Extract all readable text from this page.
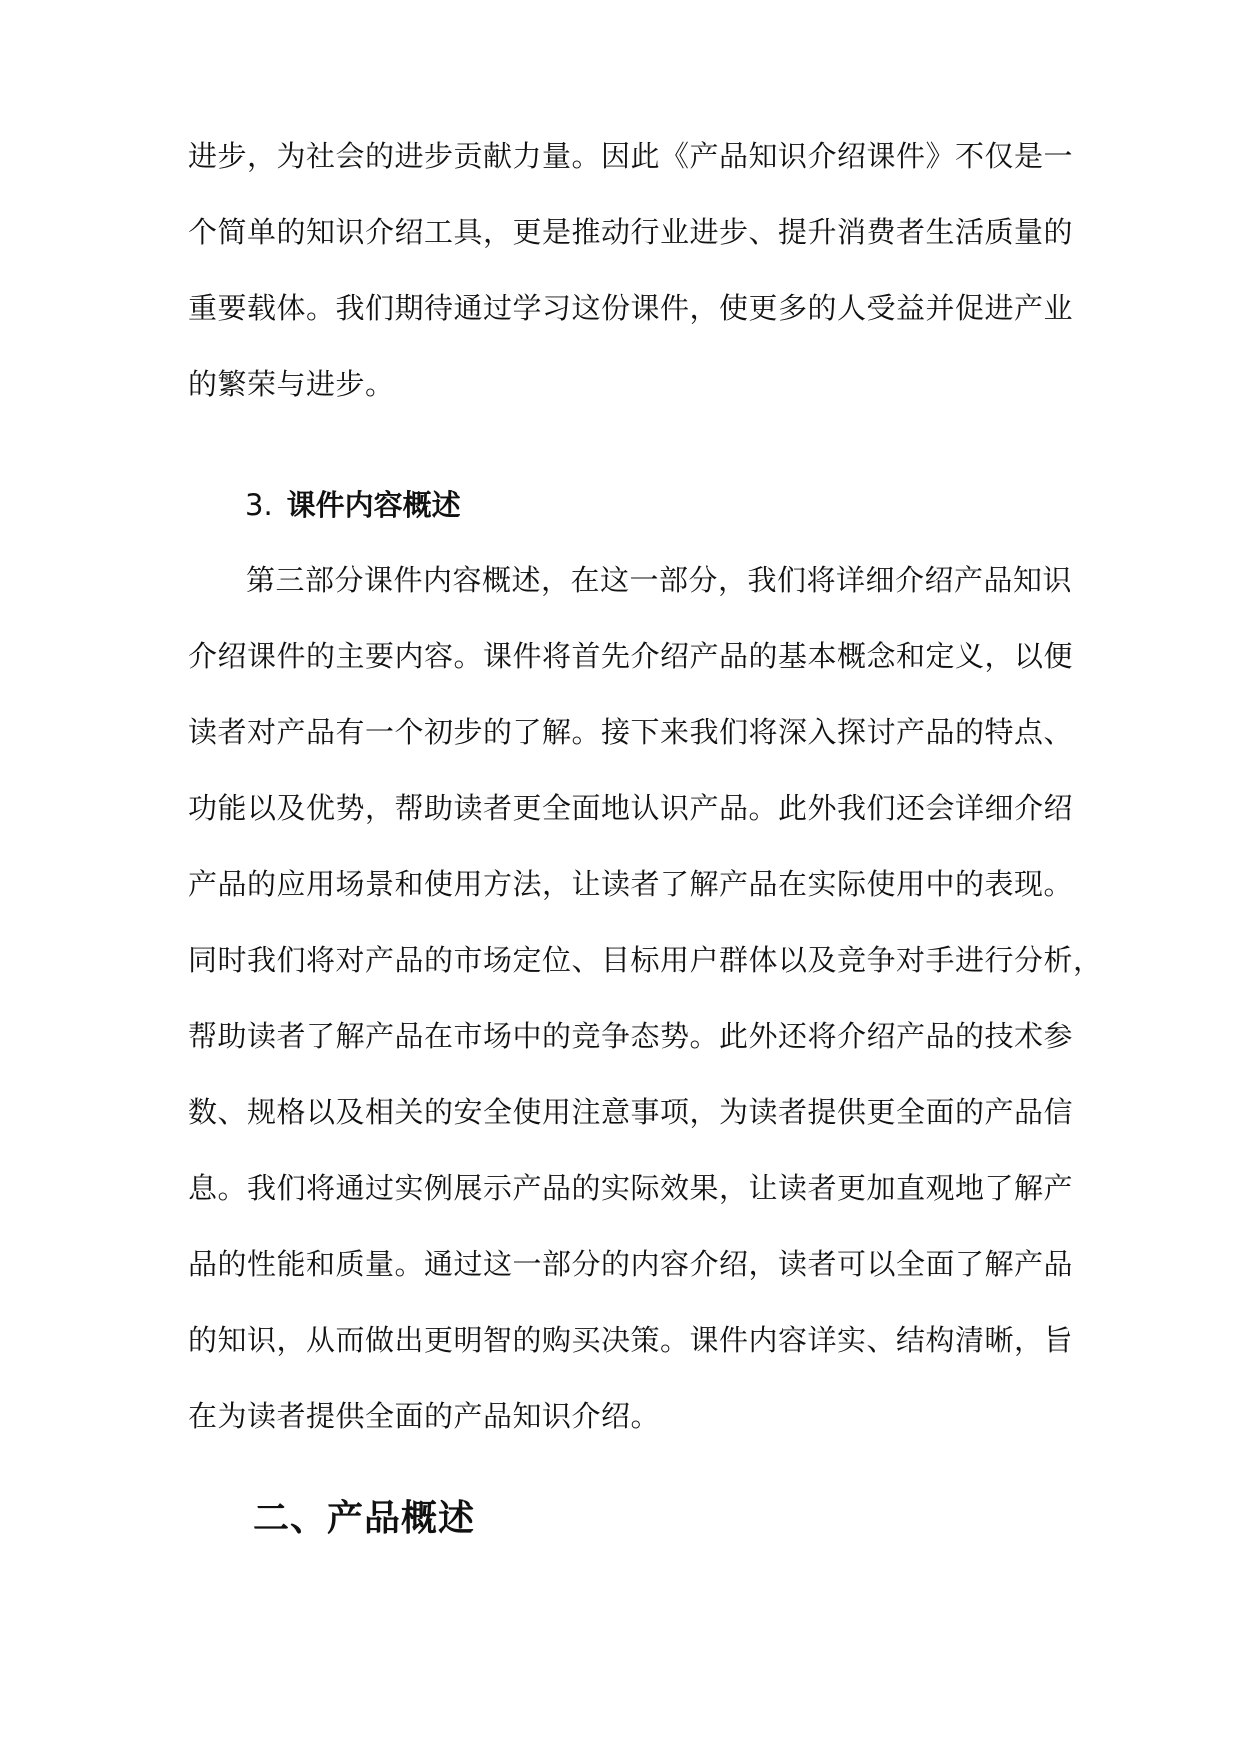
进步，为社会的进步贡献力量。因此《产品知识介绍课件》不仅是一
个简单的知识介绍工具，更是推动行业进步、提升消费者生活质量的
重要载体。我们期待通过学习这份课件，使更多的人受益并促进产业
的繁荣与进步。
3. 课件内容概述
第三部分课件内容概述，在这一部分，我们将详细介绍产品知识
介绍课件的主要内容。课件将首先介绍产品的基本概念和定义，以便
读者对产品有一个初步的了解。接下来我们将深入探讨产品的特点、
功能以及优势，帮助读者更全面地认识产品。此外我们还会详细介绍
产品的应用场景和使用方法，让读者了解产品在实际使用中的表现。
同时我们将对产品的市场定位、目标用户群体以及竞争对手进行分析，
帮助读者了解产品在市场中的竞争态势。此外还将介绍产品的技术参
数、规格以及相关的安全使用注意事项，为读者提供更全面的产品信
息。我们将通过实例展示产品的实际效果，让读者更加直观地了解产
品的性能和质量。通过这一部分的内容介绍，读者可以全面了解产品
的知识，从而做出更明智的购买决策。课件内容详实、结构清晰，旨
在为读者提供全面的产品知识介绍。
二、产品概述
